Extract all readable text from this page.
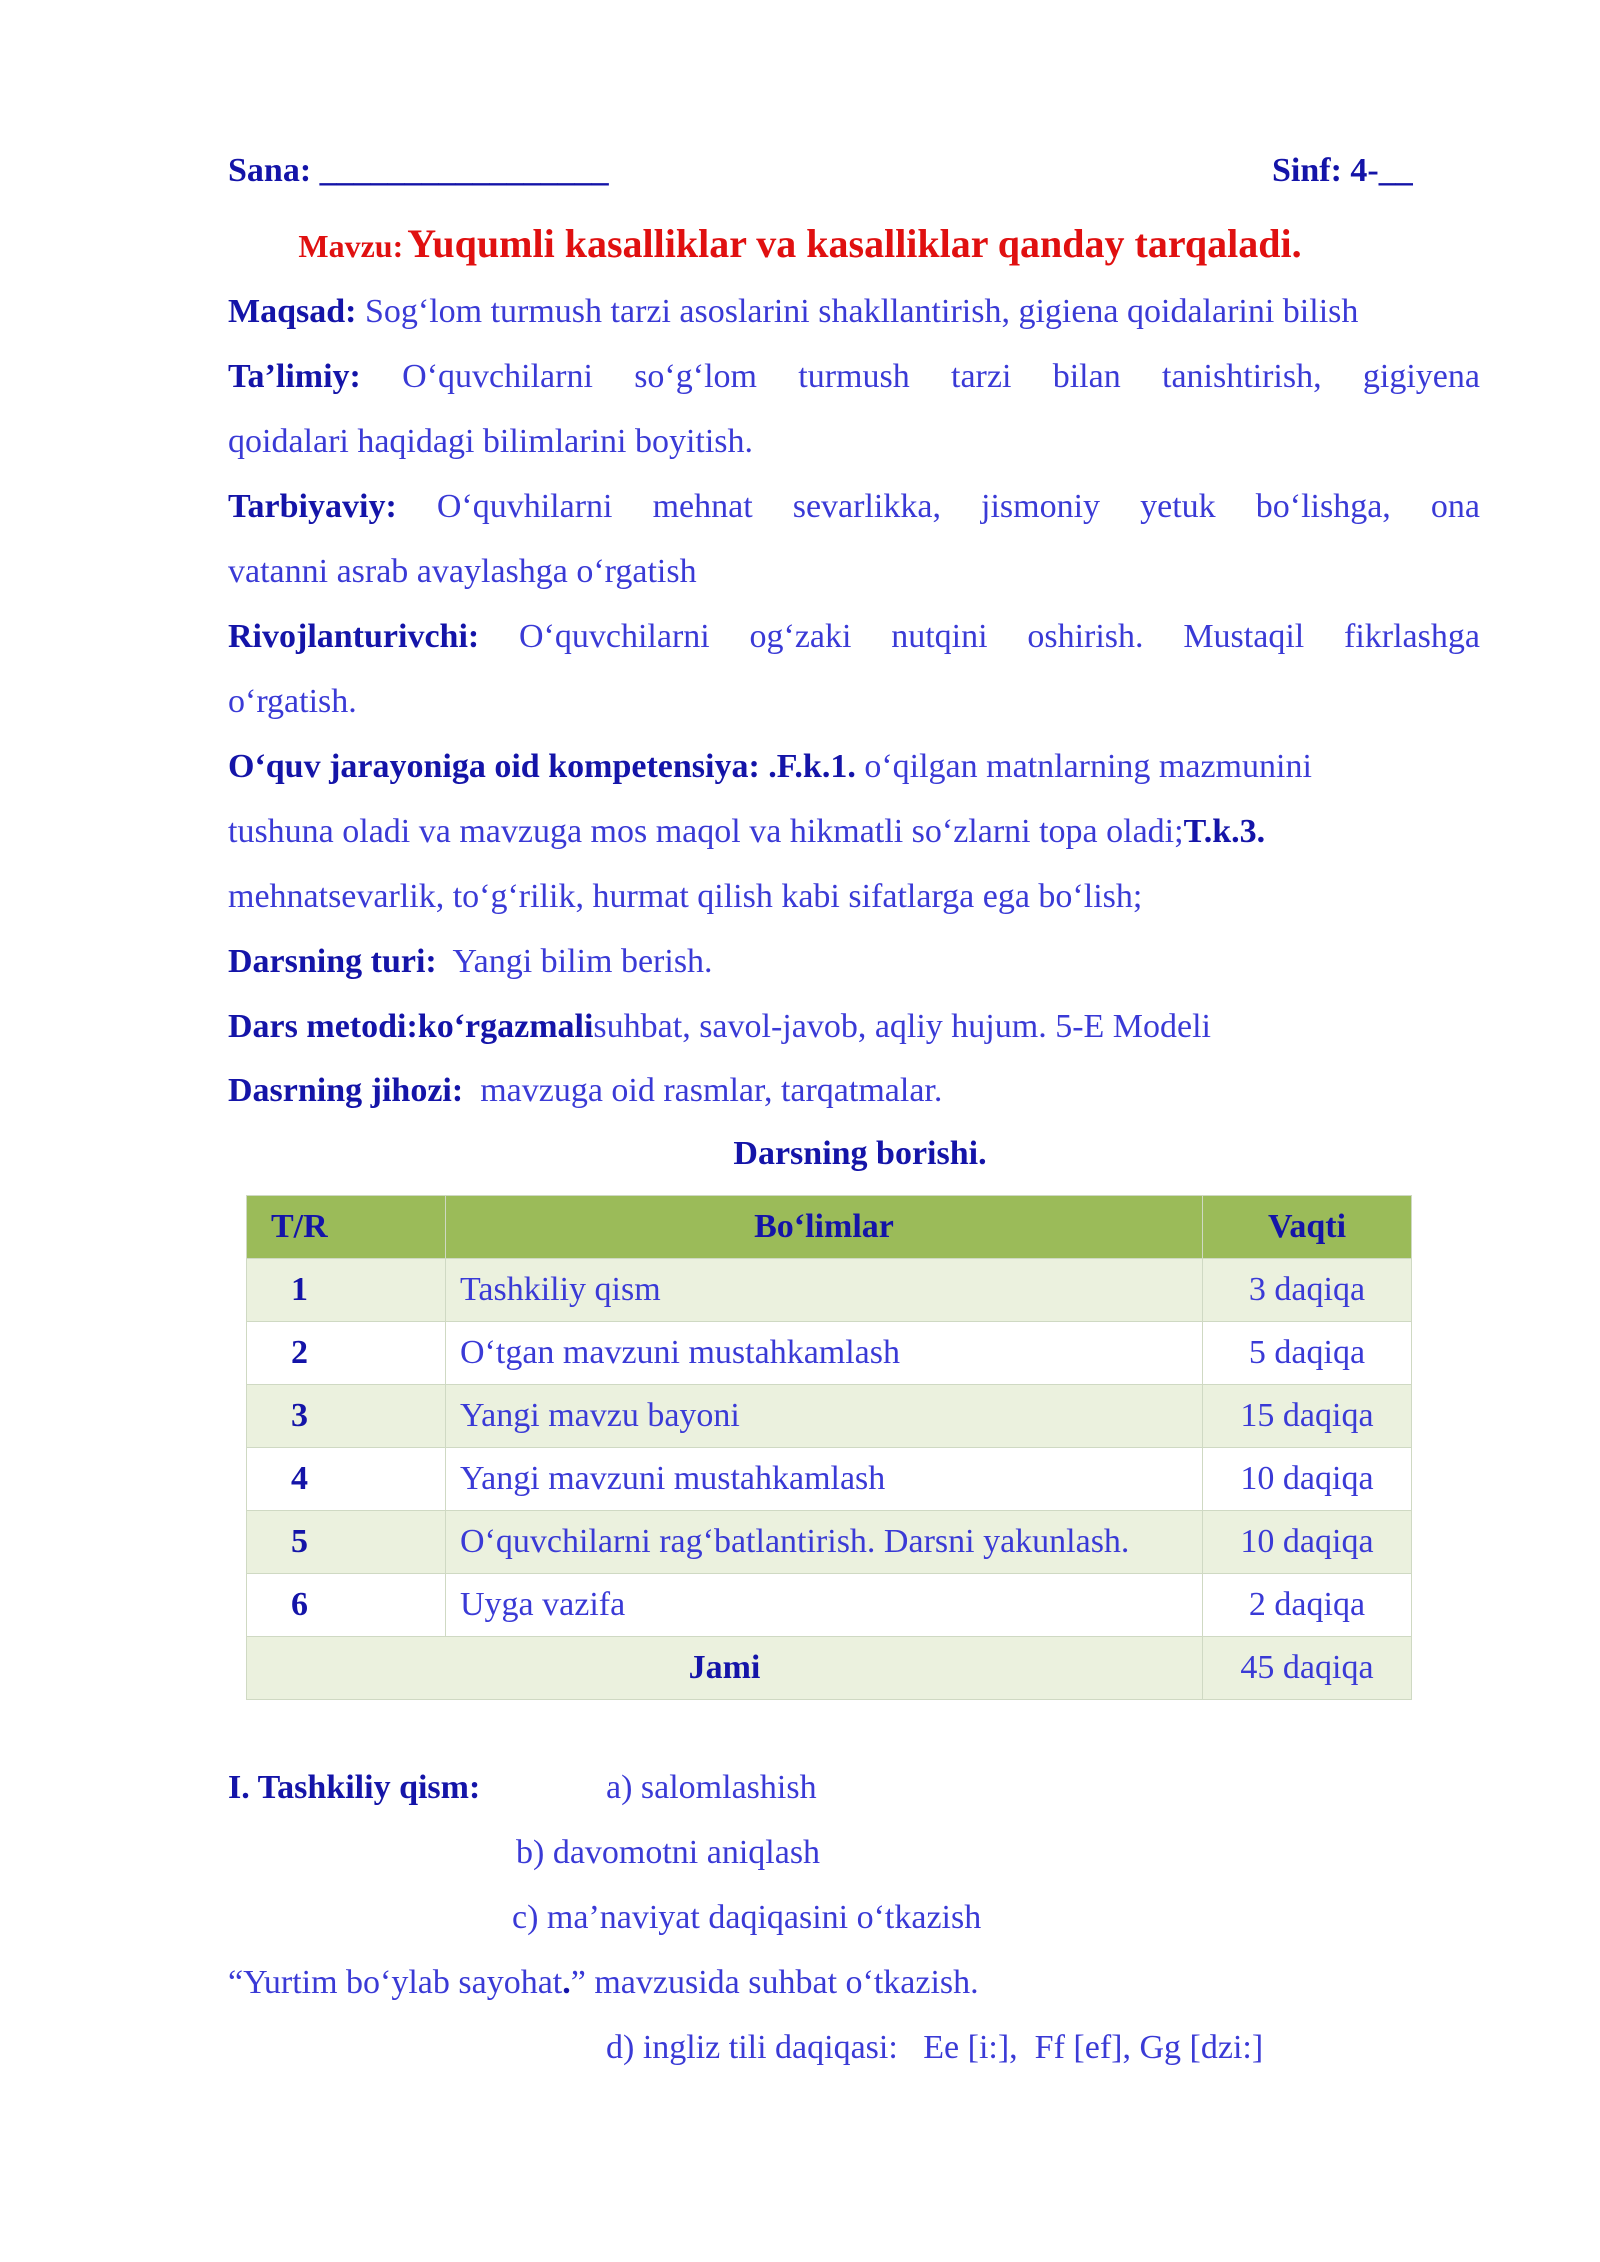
Sana: _________________	Sinf: 4-__
Mavzu: Yuqumli kasalliklar va kasalliklar qanday tarqaladi.
Maqsad: Sog‘lom turmush tarzi asoslarini shakllantirish, gigiena qoidalarini bilish
Ta’limiy: O‘quvchilarni so‘g‘lom turmush tarzi bilan tanishtirish, gigiyena
qoidalari haqidagi bilimlarini boyitish.
Tarbiyaviy: O‘quvhilarni mehnat sevarlikka, jismoniy yetuk bo‘lishga, ona
vatanni asrab avaylashga o‘rgatish
Rivojlanturivchi: O‘quvchilarni og‘zaki nutqini oshirish. Mustaqil fikrlashga
o‘rgatish.
O‘quv jarayoniga oid kompetensiya: .F.k.1. o‘qilgan matnlarning mazmunini
tushuna oladi va mavzuga mos maqol va hikmatli so‘zlarni topa oladi;T.k.3.
mehnatsevarlik, to‘g‘rilik, hurmat qilish kabi sifatlarga ega bo‘lish;
Darsning turi: Yangi bilim berish.
Dars metodi:ko‘rgazmalisuhbat, savol-javob, aqliy hujum. 5-E Modeli
Dasrning jihozi: mavzuga oid rasmlar, tarqatmalar.
Darsning borishi.
T/R	Bo‘limlar	Vaqti
1	Tashkiliy qism	3 daqiqa
2	O‘tgan mavzuni mustahkamlash	5 daqiqa
3	Yangi mavzu bayoni	15 daqiqa
4	Yangi mavzuni mustahkamlash	10 daqiqa
5	O‘quvchilarni rag‘batlantirish. Darsni yakunlash.	10 daqiqa
6	Uyga vazifa	2 daqiqa
Jami		45 daqiqa
I. Tashkiliy qism:	a) salomlashish
b) davomotni aniqlash
c) ma’naviyat daqiqasini o‘tkazish
“Yurtim bo‘ylab sayohat.” mavzusida suhbat o‘tkazish.
d) ingliz tili daqiqasi:   Ee [i:],  Ff [ef], Gg [dzi:]
